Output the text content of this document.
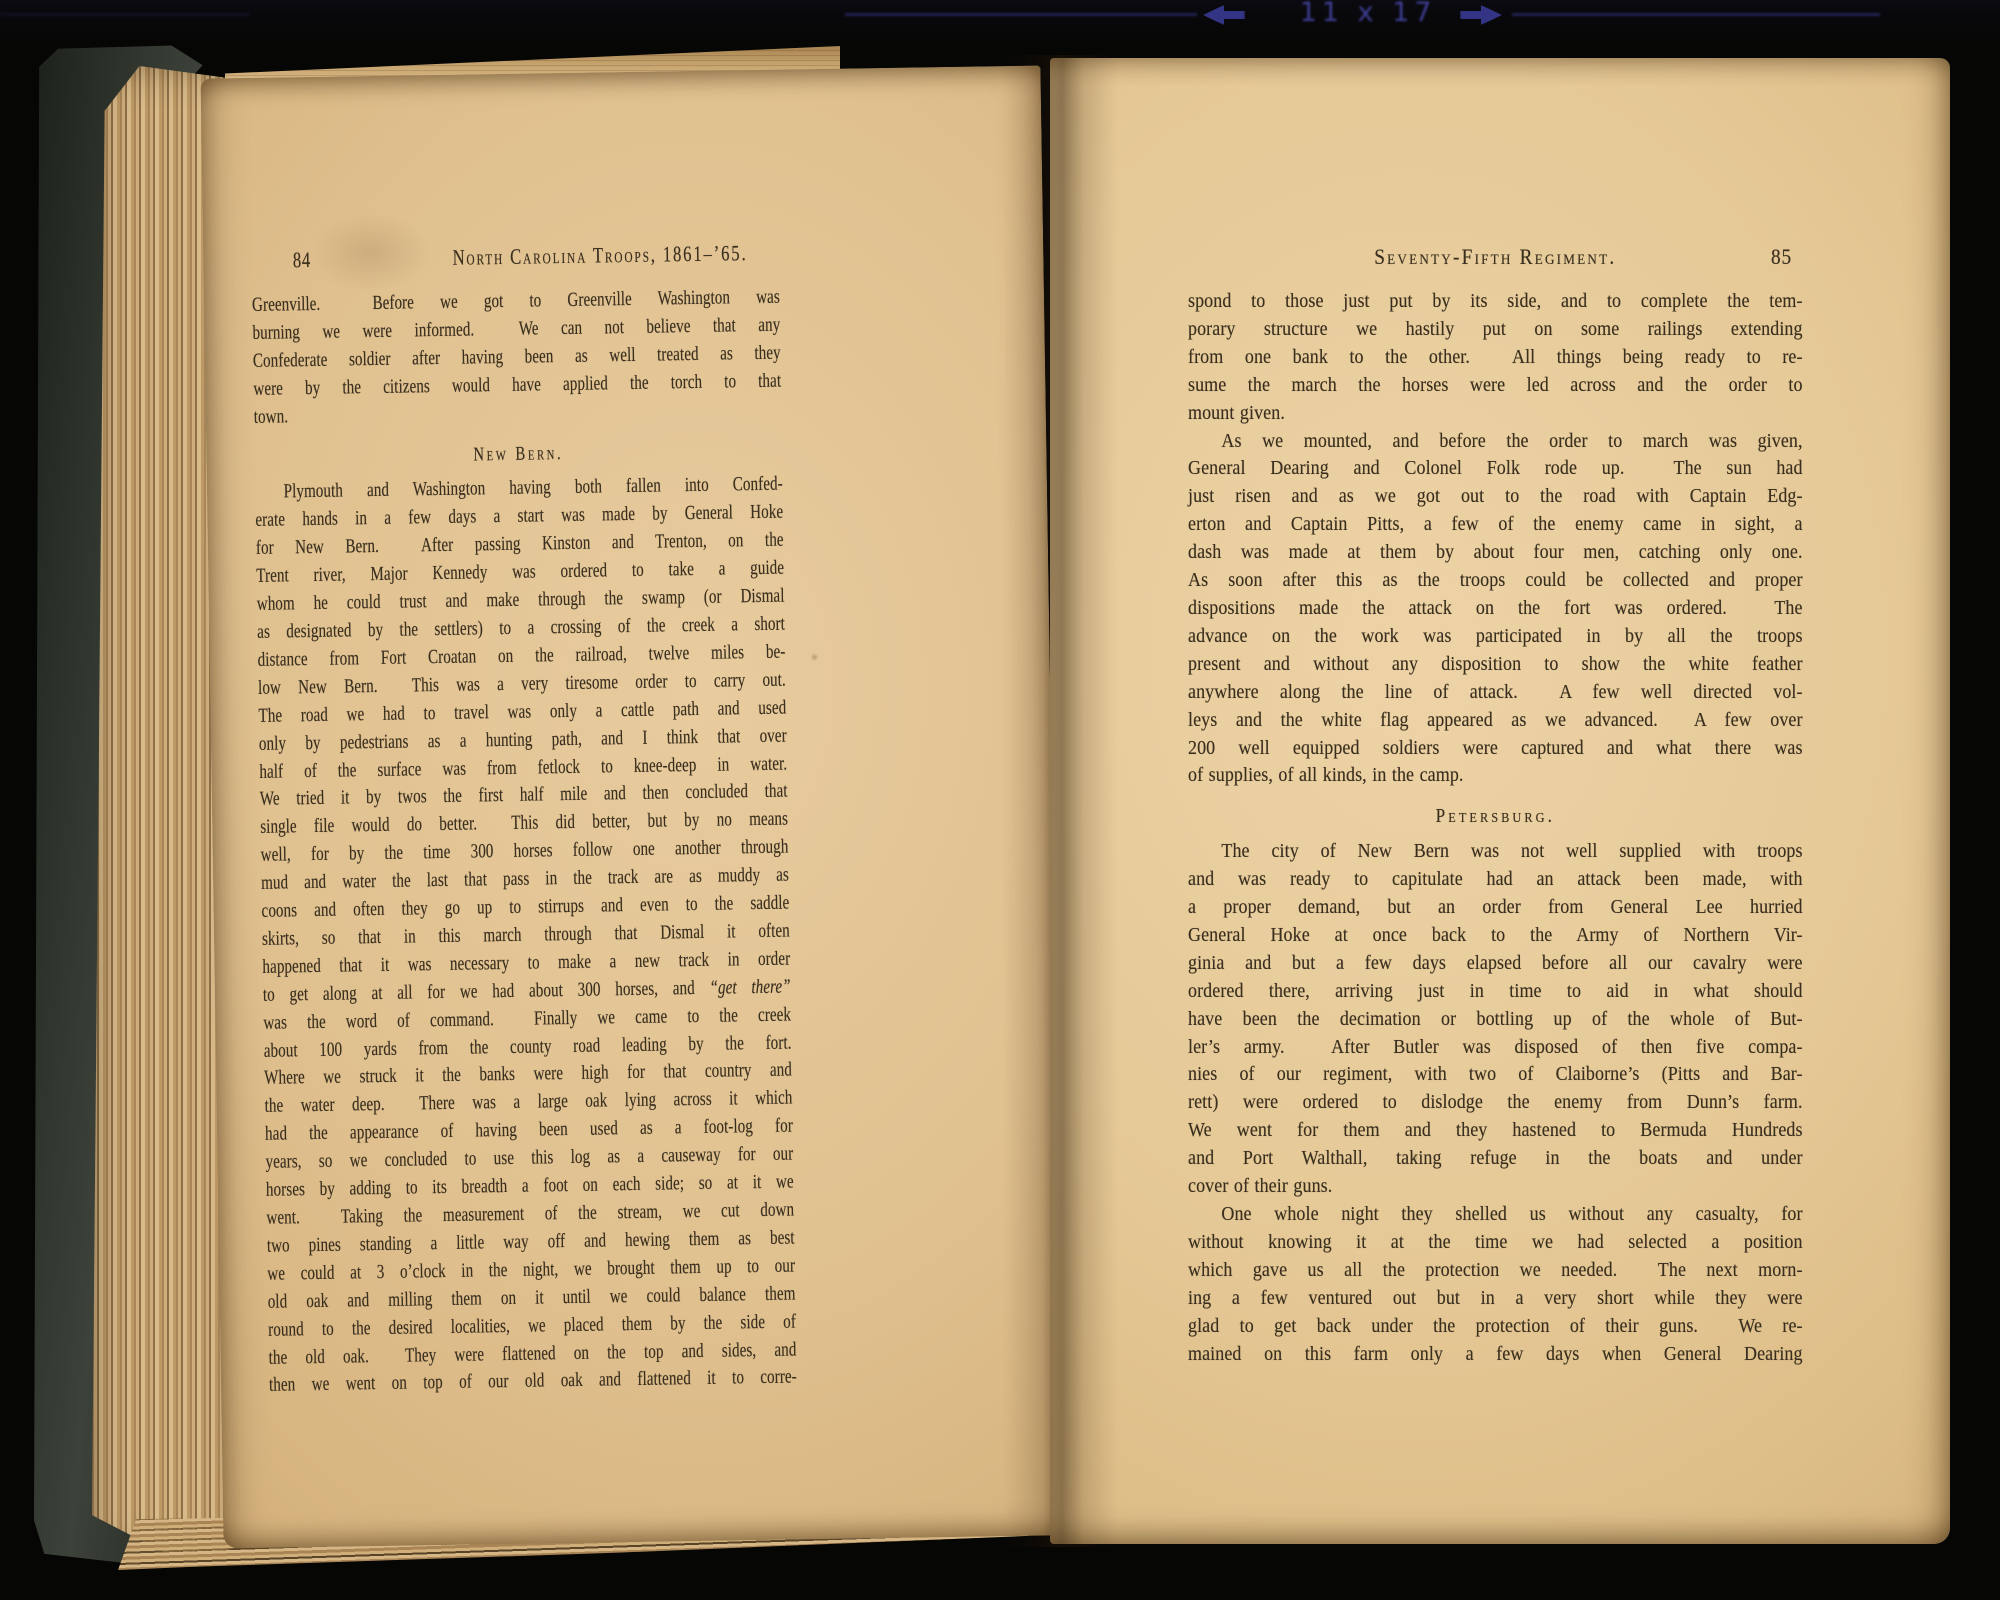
11 x 17
84	North Carolina Troops, 1861–’65.
Greenville.  Before we got to Greenville Washington was
burning we were informed.  We can not believe that any
Confederate soldier after having been as well treated as they
were by the citizens would have applied the torch to that
town.
New Bern.
Plymouth and Washington having both fallen into Confed-
erate hands in a few days a start was made by General Hoke
for New Bern.  After passing Kinston and Trenton, on the
Trent river, Major Kennedy was ordered to take a guide
whom he could trust and make through the swamp (or Dismal
as designated by the settlers) to a crossing of the creek a short
distance from Fort Croatan on the railroad, twelve miles be-
low New Bern.  This was a very tiresome order to carry out.
The road we had to travel was only a cattle path and used
only by pedestrians as a hunting path, and I think that over
half of the surface was from fetlock to knee-deep in water.
We tried it by twos the first half mile and then concluded that
single file would do better.  This did better, but by no means
well, for by the time 300 horses follow one another through
mud and water the last that pass in the track are as muddy as
coons and often they go up to stirrups and even to the saddle
skirts, so that in this march through that Dismal it often
happened that it was necessary to make a new track in order
to get along at all for we had about 300 horses, and “get there”
was the word of command.  Finally we came to the creek
about 100 yards from the county road leading by the fort.
Where we struck it the banks were high for that country and
the water deep.  There was a large oak lying across it which
had the appearance of having been used as a foot-log for
years, so we concluded to use this log as a causeway for our
horses by adding to its breadth a foot on each side; so at it we
went.  Taking the measurement of the stream, we cut down
two pines standing a little way off and hewing them as best
we could at 3 o’clock in the night, we brought them up to our
old oak and milling them on it until we could balance them
round to the desired localities, we placed them by the side of
the old oak.  They were flattened on the top and sides, and
then we went on top of our old oak and flattened it to corre-
Seventy-Fifth Regiment.	85
spond to those just put by its side, and to complete the tem-
porary structure we hastily put on some railings extending
from one bank to the other.  All things being ready to re-
sume the march the horses were led across and the order to
mount given.
As we mounted, and before the order to march was given,
General Dearing and Colonel Folk rode up.  The sun had
just risen and as we got out to the road with Captain Edg-
erton and Captain Pitts, a few of the enemy came in sight, a
dash was made at them by about four men, catching only one.
As soon after this as the troops could be collected and proper
dispositions made the attack on the fort was ordered.  The
advance on the work was participated in by all the troops
present and without any disposition to show the white feather
anywhere along the line of attack.  A few well directed vol-
leys and the white flag appeared as we advanced.  A few over
200 well equipped soldiers were captured and what there was
of supplies, of all kinds, in the camp.
Petersburg.
The city of New Bern was not well supplied with troops
and was ready to capitulate had an attack been made, with
a proper demand, but an order from General Lee hurried
General Hoke at once back to the Army of Northern Vir-
ginia and but a few days elapsed before all our cavalry were
ordered there, arriving just in time to aid in what should
have been the decimation or bottling up of the whole of But-
ler’s army.  After Butler was disposed of then five compa-
nies of our regiment, with two of Claiborne’s (Pitts and Bar-
rett) were ordered to dislodge the enemy from Dunn’s farm.
We went for them and they hastened to Bermuda Hundreds
and Port Walthall, taking refuge in the boats and under
cover of their guns.
One whole night they shelled us without any casualty, for
without knowing it at the time we had selected a position
which gave us all the protection we needed.  The next morn-
ing a few ventured out but in a very short while they were
glad to get back under the protection of their guns.  We re-
mained on this farm only a few days when General Dearing
